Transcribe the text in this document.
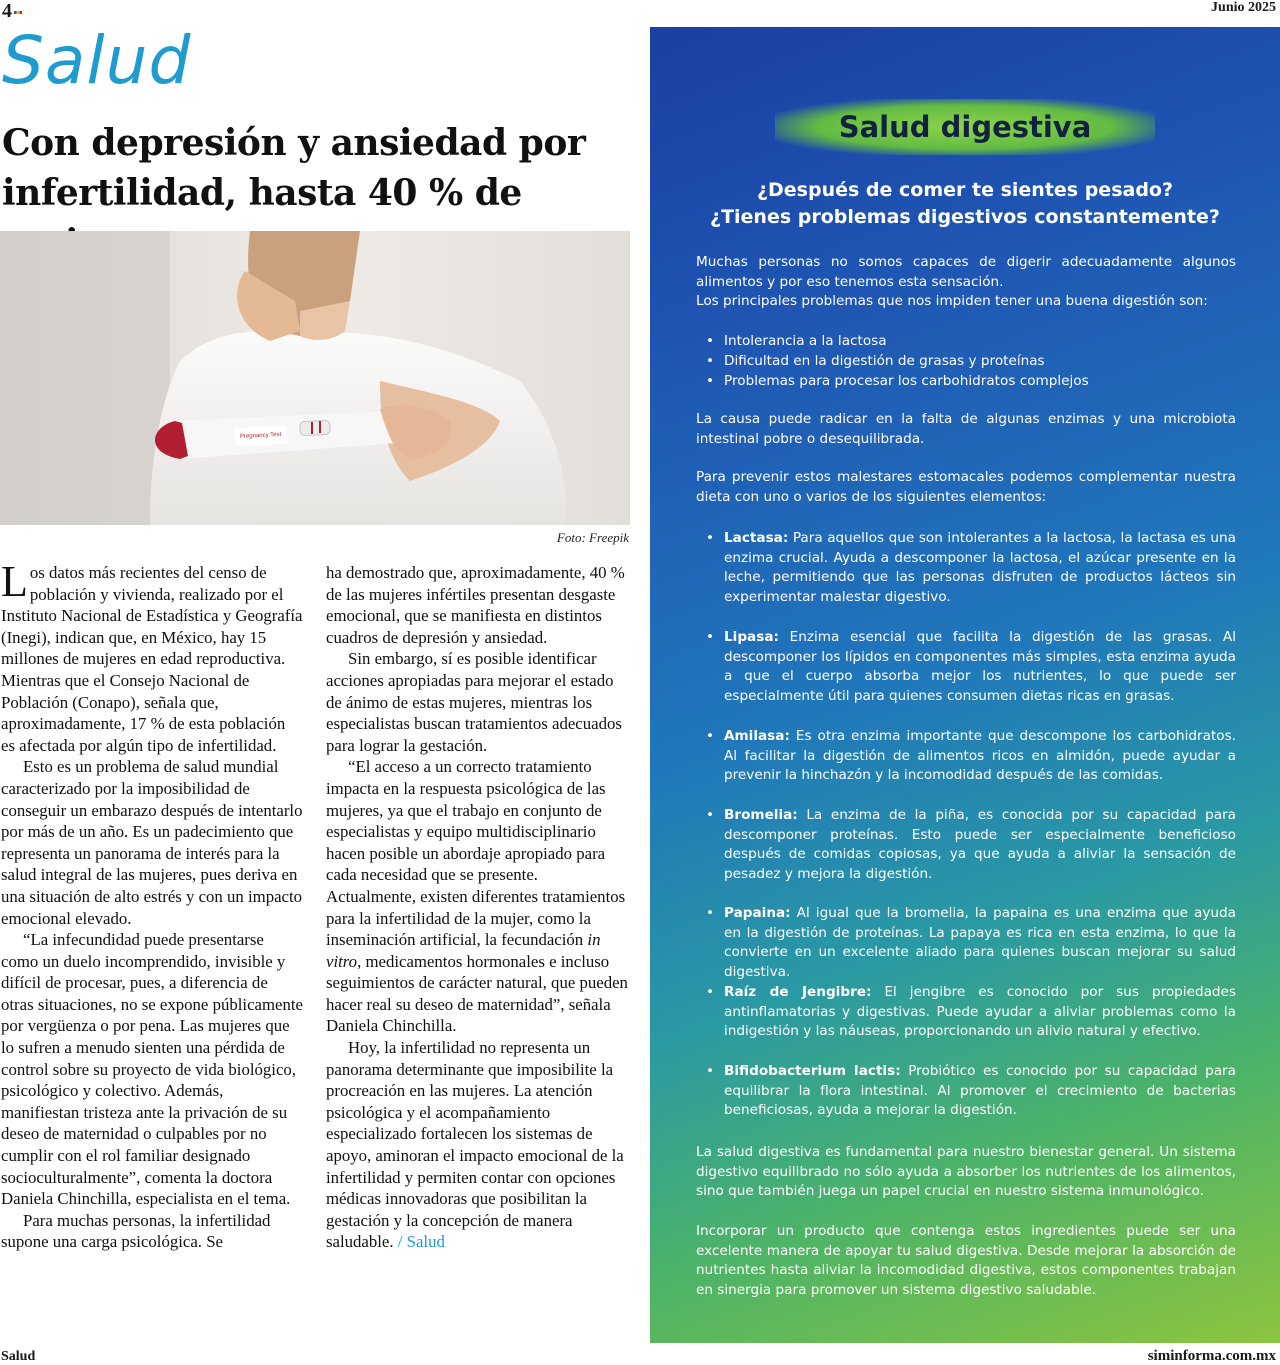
4	Junio 2025
Salud
Con depresión y ansiedad por infertilidad, hasta 40 % de
Pregnancy Test
Foto: Freepik

Los datos más recientes del censo de población y vivienda, realizado por el Instituto Nacional de Estadística y Geografía (Inegi), indican que, en México, hay 15 millones de mujeres en edad reproductiva. Mientras que el Consejo Nacional de Población (Conapo), señala que, aproximadamente, 17 % de esta población es afectada por algún tipo de infertilidad.

Esto es un problema de salud mundial caracterizado por la imposibilidad de conseguir un embarazo después de intentarlo por más de un año. Es un padecimiento que representa un panorama de interés para la salud integral de las mujeres, pues deriva en una situación de alto estrés y con un impacto emocional elevado.

“La infecundidad puede presentarse como un duelo incomprendido, invisible y difícil de procesar, pues, a diferencia de otras situaciones, no se expone públicamente por vergüenza o por pena. Las mujeres que lo sufren a menudo sienten una pérdida de control sobre su proyecto de vida biológico, psicológico y colectivo. Además, manifiestan tristeza ante la privación de su deseo de maternidad o culpables por no cumplir con el rol familiar designado socioculturalmente”, comenta la doctora Daniela Chinchilla, especialista en el tema.

Para muchas personas, la infertilidad supone una carga psicológica. Se

ha demostrado que, aproximadamente, 40 % de las mujeres infértiles presentan desgaste emocional, que se manifiesta en distintos cuadros de depresión y ansiedad.

Sin embargo, sí es posible identificar acciones apropiadas para mejorar el estado de ánimo de estas mujeres, mientras los especialistas buscan tratamientos adecuados para lograr la gestación.

“El acceso a un correcto tratamiento impacta en la respuesta psicológica de las mujeres, ya que el trabajo en conjunto de especialistas y equipo multidisciplinario hacen posible un abordaje apropiado para cada necesidad que se presente. Actualmente, existen diferentes tratamientos para la infertilidad de la mujer, como la inseminación artificial, la fecundación in vitro, medicamentos hormonales e incluso seguimientos de carácter natural, que pueden hacer real su deseo de maternidad”, señala Daniela Chinchilla.

Hoy, la infertilidad no representa un panorama determinante que imposibilite la procreación en las mujeres. La atención psicológica y el acompañamiento especializado fortalecen los sistemas de apoyo, aminoran el impacto emocional de la infertilidad y permiten contar con opciones médicas innovadoras que posibilitan la gestación y la concepción de manera saludable. / Salud

Salud digestiva
¿Después de comer te sientes pesado?
¿Tienes problemas digestivos constantemente?

Muchas personas no somos capaces de digerir adecuadamente algunos alimentos y por eso tenemos esta sensación.

Los principales problemas que nos impiden tener una buena digestión son:

• Intolerancia a la lactosa
• Dificultad en la digestión de grasas y proteínas
• Problemas para procesar los carbohidratos complejos
La causa puede radicar en la falta de algunas enzimas y una microbiota intestinal pobre o desequilibrada.
Para prevenir estos malestares estomacales podemos complementar nuestra dieta con uno o varios de los siguientes elementos:
• Lactasa: Para aquellos que son intolerantes a la lactosa, la lactasa es una enzima crucial. Ayuda a descomponer la lactosa, el azúcar presente en la leche, permitiendo que las personas disfruten de productos lácteos sin experimentar malestar digestivo.
• Lipasa: Enzima esencial que facilita la digestión de las grasas. Al descomponer los lípidos en componentes más simples, esta enzima ayuda a que el cuerpo absorba mejor los nutrientes, lo que puede ser especialmente útil para quienes consumen dietas ricas en grasas.
• Amilasa: Es otra enzima importante que descompone los carbohidratos. Al facilitar la digestión de alimentos ricos en almidón, puede ayudar a prevenir la hinchazón y la incomodidad después de las comidas.
• Bromelia: La enzima de la piña, es conocida por su capacidad para descomponer proteínas. Esto puede ser especialmente beneficioso después de comidas copiosas, ya que ayuda a aliviar la sensación de pesadez y mejora la digestión.
• Papaina: Al igual que la bromelia, la papaina es una enzima que ayuda en la digestión de proteínas. La papaya es rica en esta enzima, lo que la convierte en un excelente aliado para quienes buscan mejorar su salud digestiva.
• Raíz de Jengibre: El jengibre es conocido por sus propiedades antinflamatorias y digestivas. Puede ayudar a aliviar problemas como la indigestión y las náuseas, proporcionando un alivio natural y efectivo.
• Bifidobacterium lactis: Probiótico es conocido por su capacidad para equilibrar la flora intestinal. Al promover el crecimiento de bacterias beneficiosas, ayuda a mejorar la digestión.
La salud digestiva es fundamental para nuestro bienestar general. Un sistema digestivo equilibrado no sólo ayuda a absorber los nutrientes de los alimentos, sino que también juega un papel crucial en nuestro sistema inmunológico.
Incorporar un producto que contenga estos ingredientes puede ser una excelente manera de apoyar tu salud digestiva. Desde mejorar la absorción de nutrientes hasta aliviar la incomodidad digestiva, estos componentes trabajan en sinergia para promover un sistema digestivo saludable.
Salud	siminforma.com.mx
